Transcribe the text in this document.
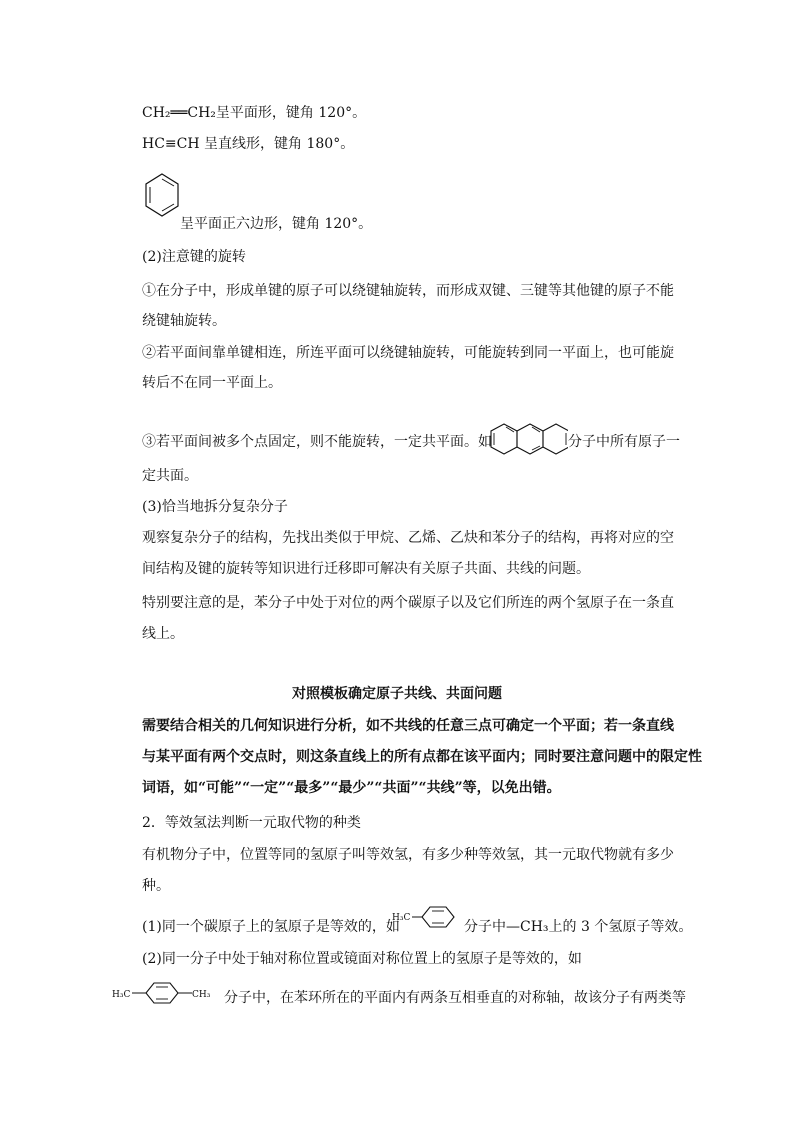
CH₂══CH₂呈平面形，键角 120°。
HC≡CH 呈直线形，键角 180°。
呈平面正六边形，键角 120°。
(2)注意键的旋转
①在分子中，形成单键的原子可以绕键轴旋转，而形成双键、三键等其他键的原子不能
绕键轴旋转。
②若平面间靠单键相连，所连平面可以绕键轴旋转，可能旋转到同一平面上，也可能旋
转后不在同一平面上。
③若平面间被多个点固定，则不能旋转，一定共平面。如	分子中所有原子一
定共面。
(3)恰当地拆分复杂分子
观察复杂分子的结构，先找出类似于甲烷、乙烯、乙炔和苯分子的结构，再将对应的空
间结构及键的旋转等知识进行迁移即可解决有关原子共面、共线的问题。
特别要注意的是，苯分子中处于对位的两个碳原子以及它们所连的两个氢原子在一条直
线上。
对照模板确定原子共线、共面问题
需要结合相关的几何知识进行分析，如不共线的任意三点可确定一个平面；若一条直线
与某平面有两个交点时，则这条直线上的所有点都在该平面内；同时要注意问题中的限定性
词语，如“可能”“一定”“最多”“最少”“共面”“共线”等，以免出错。
2．等效氢法判断一元取代物的种类
有机物分子中，位置等同的氢原子叫等效氢，有多少种等效氢，其一元取代物就有多少
种。
(1)同一个碳原子上的氢原子是等效的，如
H₃C
分子中—CH₃上的 3 个氢原子等效。
(2)同一分子中处于轴对称位置或镜面对称位置上的氢原子是等效的，如
H₃C	CH₃ 分子中，在苯环所在的平面内有两条互相垂直的对称轴，故该分子有两类等
